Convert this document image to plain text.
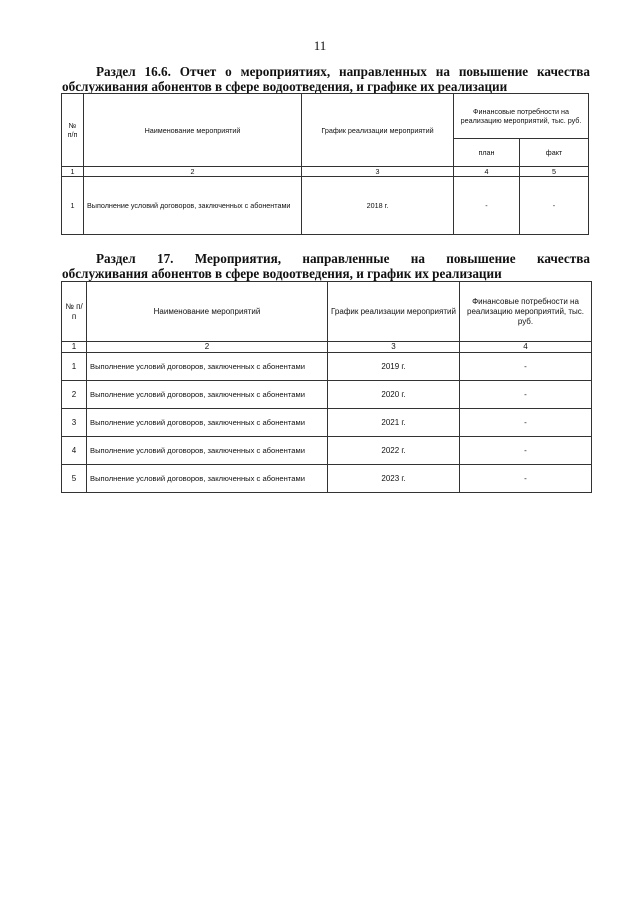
11
Раздел 16.6. Отчет о мероприятиях, направленных на повышение качества
обслуживания абонентов в сфере водоотведения, и графике их реализации
№ п/п	Наименование мероприятий	График реализации мероприятий	Финансовые потребности на реализацию мероприятий, тыс. руб.	
			план	факт
1	2	3	4	5
1	Выполнение условий договоров, заключенных с абонентами	2018 г.	-	-
Раздел 17. Мероприятия, направленные на повышение качества
обслуживания абонентов в сфере водоотведения, и график их реализации
№ п/п	Наименование мероприятий	График реализации мероприятий	Финансовые потребности на реализацию мероприятий, тыс. руб.
1	2	3	4
1	Выполнение условий договоров, заключенных с абонентами	2019 г.	-
2	Выполнение условий договоров, заключенных с абонентами	2020 г.	-
3	Выполнение условий договоров, заключенных с абонентами	2021 г.	-
4	Выполнение условий договоров, заключенных с абонентами	2022 г.	-
5	Выполнение условий договоров, заключенных с абонентами	2023 г.	-
